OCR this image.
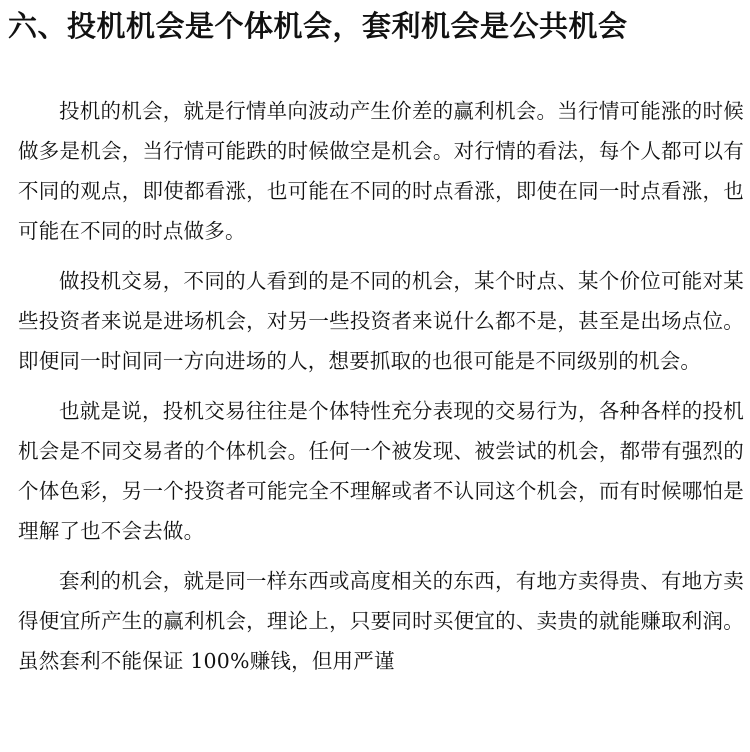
六、投机机会是个体机会，套利机会是公共机会

投机的机会，就是行情单向波动产生价差的赢利机会。当行情可能涨的时候做多是机会，当行情可能跌的时候做空是机会。对行情的看法，每个人都可以有不同的观点，即使都看涨，也可能在不同的时点看涨，即使在同一时点看涨，也可能在不同的时点做多。

做投机交易，不同的人看到的是不同的机会，某个时点、某个价位可能对某些投资者来说是进场机会，对另一些投资者来说什么都不是，甚至是出场点位。即便同一时间同一方向进场的人，想要抓取的也很可能是不同级别的机会。

也就是说，投机交易往往是个体特性充分表现的交易行为，各种各样的投机机会是不同交易者的个体机会。任何一个被发现、被尝试的机会，都带有强烈的个体色彩，另一个投资者可能完全不理解或者不认同这个机会，而有时候哪怕是理解了也不会去做。

套利的机会，就是同一样东西或高度相关的东西，有地方卖得贵、有地方卖得便宜所产生的赢利机会，理论上，只要同时买便宜的、卖贵的就能赚取利润。虽然套利不能保证 100%赚钱，但用严谨
